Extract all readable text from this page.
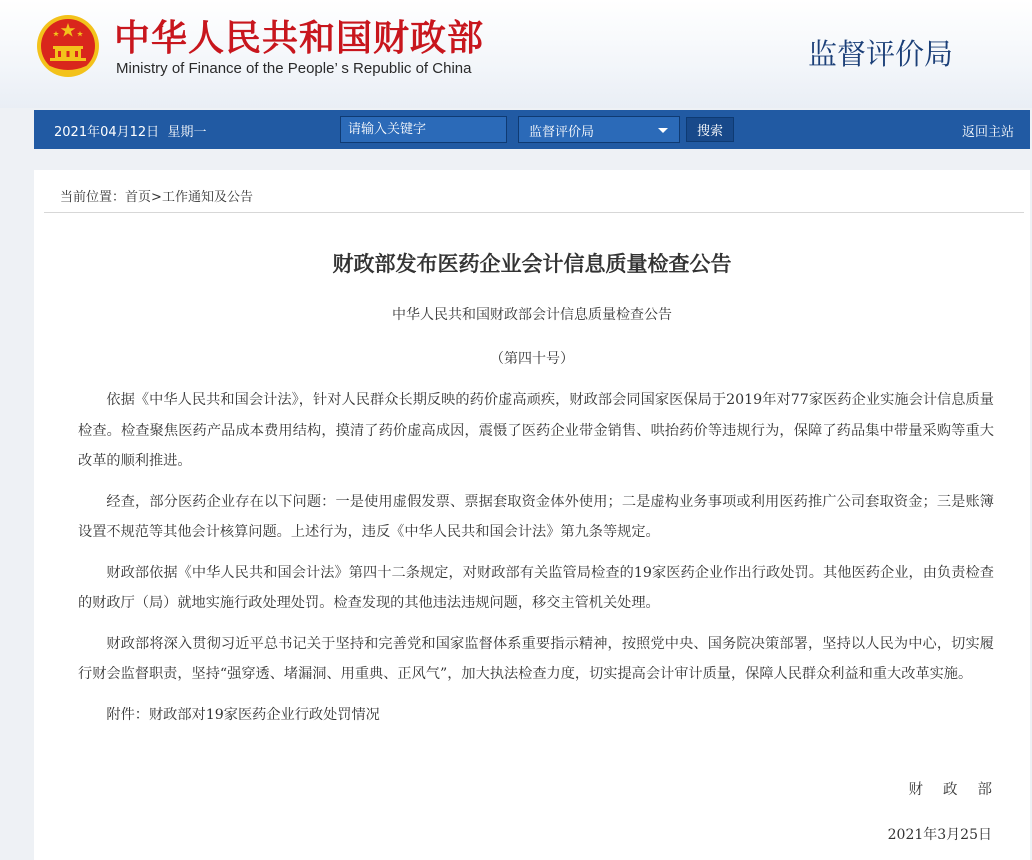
中华人民共和国财政部
Ministry of Finance of the People’ s Republic of China	监督评价局
2021年04月12日 星期一
请输入关键字	监督评价局	搜索	返回主站
当前位置：首页>工作通知及公告
财政部发布医药企业会计信息质量检查公告
中华人民共和国财政部会计信息质量检查公告
（第四十号）

依据《中华人民共和国会计法》，针对人民群众长期反映的药价虚高顽疾，财政部会同国家医保局于2019年对77家医药企业实施会计信息质量检查。检查聚焦医药产品成本费用结构，摸清了药价虚高成因，震慑了医药企业带金销售、哄抬药价等违规行为，保障了药品集中带量采购等重大改革的顺利推进。

经查，部分医药企业存在以下问题：一是使用虚假发票、票据套取资金体外使用；二是虚构业务事项或利用医药推广公司套取资金；三是账簿设置不规范等其他会计核算问题。上述行为，违反《中华人民共和国会计法》第九条等规定。

财政部依据《中华人民共和国会计法》第四十二条规定，对财政部有关监管局检查的19家医药企业作出行政处罚。其他医药企业，由负责检查的财政厅（局）就地实施行政处理处罚。检查发现的其他违法违规问题，移交主管机关处理。

财政部将深入贯彻习近平总书记关于坚持和完善党和国家监督体系重要指示精神，按照党中央、国务院决策部署，坚持以人民为中心，切实履行财会监督职责，坚持“强穿透、堵漏洞、用重典、正风气”，加大执法检查力度，切实提高会计审计质量，保障人民群众利益和重大改革实施。

附件：财政部对19家医药企业行政处罚情况

财政部
2021年3月25日
